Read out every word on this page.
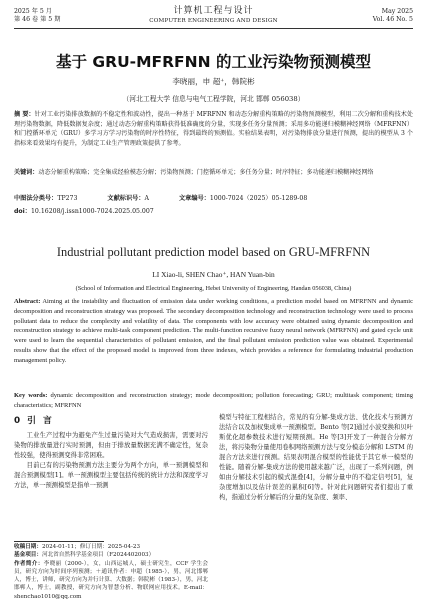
2025 年 5 月
第 46 卷 第 5 期
计算机工程与设计
COMPUTER ENGINEERING AND DESIGN
May 2025
Vol. 46 No. 5
基于 GRU-MFRFNN 的工业污染物预测模型
李晓丽，申 超⁺，韩院彬
（河北工程大学 信息与电气工程学院，河北 邯郸 056038）
摘 要：针对工业污染排放数据的不稳定性和波动性，提出一种基于 MFRFNN 和动态分解重构策略的污染物预测模型，利用二次分解和重构技术处理污染物数据，降低数据复杂度；通过动态分解重构策略获得低准确度的分量，实现多任务分量预测；采用多功能递归模糊神经网络（MFRFNN）和门控循环单元（GRU）多学习方学习污染物的时序性特征，得到最终的预测值。实验结果表明，对污染物排放分量进行预测，提出的模型从 3 个指标来看效果均有提升，为制定工业生产管理政策提供了参考。
关键词：动态分解重构策略；完全集成经验模态分解；污染物预测；门控循环单元；多任务分量；时序特征；多功能递归模糊神经网络
中图法分类号：TP273	文献标识号：A	文章编号：1000-7024（2025）05-1289-08
doi：10.16208/j.issn1000-7024.2025.05.007
Industrial pollutant prediction model based on GRU-MFRFNN
LI Xiao-li, SHEN Chao⁺, HAN Yuan-bin
(School of Information and Electrical Engineering, Hebei University of Engineering, Handan 056038, China)
Abstract: Aiming at the instability and fluctuation of emission data under working conditions, a prediction model based on MFRFNN and dynamic decomposition and reconstruction strategy was proposed. The secondary decomposition technology and reconstruction technology were used to process pollutant data to reduce the complexity and volatility of data. The components with low accuracy were obtained using dynamic decomposition and reconstruction strategy to achieve multi-task component prediction. The multi-function recursive fuzzy neural network (MFRFNN) and gated cycle unit were used to learn the sequential characteristics of pollutant emission, and the final pollutant emission prediction value was obtained. Experimental results show that the effect of the proposed model is improved from three indexes, which provides a reference for formulating industrial production management policy.
Key words: dynamic decomposition and reconstruction strategy; mode decomposition; pollution forecasting; GRU; multitask component; timing characteristics; MFRFNN
0 引 言

工业生产过程中为避免产生过量污染对大气造成损害，需要对污染物的排放量进行实时预测，但由于排放量数据充满不确定性，复杂性较强，使得预测变得非常困难。

目前已有的污染物预测方法主要分为两个方向，单一预测模型和混合预测模型[1]。单一预测模型主要包括传统的统计方法和深度学习方法，单一预测模型是指单一预测

模型与特征工程相结合，常见的有分解-集成方法、优化技术与预测方法结合以及加权集成单一预测模型。Bento 等[2]通过小波变换和贝叶斯优化超参数技术进行短期预测。He 等[3]开发了一种混合分解方法，将污染物分量使用卷积网络预测方法与变分模态分解和 LSTM 的混合方法来进行预测。结果表明混合模型的性能优于其它单一模型的性能。随着分解-集成方法的使用越来越广泛，出现了一系列问题，例如由分解技术引起的模式混叠[4]，分解分量中的不稳定信号[5]，复杂度增加以及估计误差的累积[6]等。针对此问题研究者们提出了重构，指通过分析分解后的分量的复杂度、频率、

收稿日期：2024-01-11；修订日期：2025-04-23

基金项目：河北省自然科学基金项目（F2024402003）

作者简介：李晓丽（2000-），女，山西运城人，硕士研究生，CCF 学生会员，研究方向为时间序列预测；＋通讯作者：申超（1985-），男，河北邯郸人，博士，讲师，研究方向为并行计算、大数据；韩院彬（1983-），男，河北邯郸人，博士，副教授，研究方向为智慧分析、物联网应用技术。E-mail：shenchao1010@qq.com
